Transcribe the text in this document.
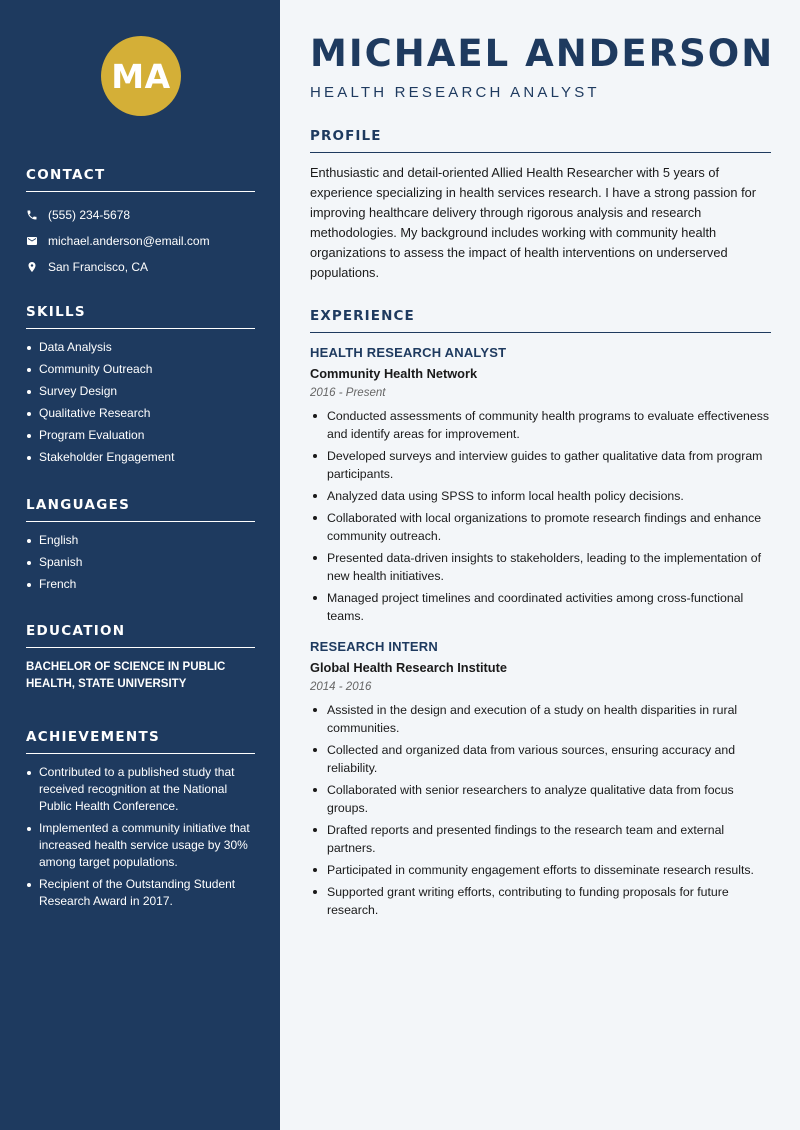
MA
CONTACT
(555) 234-5678
michael.anderson@email.com
San Francisco, CA
SKILLS
Data Analysis
Community Outreach
Survey Design
Qualitative Research
Program Evaluation
Stakeholder Engagement
LANGUAGES
English
Spanish
French
EDUCATION
BACHELOR OF SCIENCE IN PUBLIC HEALTH, STATE UNIVERSITY
ACHIEVEMENTS
Contributed to a published study that received recognition at the National Public Health Conference.
Implemented a community initiative that increased health service usage by 30% among target populations.
Recipient of the Outstanding Student Research Award in 2017.
MICHAEL ANDERSON
HEALTH RESEARCH ANALYST
PROFILE

Enthusiastic and detail-oriented Allied Health Researcher with 5 years of experience specializing in health services research. I have a strong passion for improving healthcare delivery through rigorous analysis and research methodologies. My background includes working with community health organizations to assess the impact of health interventions on underserved populations.

EXPERIENCE
HEALTH RESEARCH ANALYST
Community Health Network
2016 - Present
Conducted assessments of community health programs to evaluate effectiveness and identify areas for improvement.
Developed surveys and interview guides to gather qualitative data from program participants.
Analyzed data using SPSS to inform local health policy decisions.
Collaborated with local organizations to promote research findings and enhance community outreach.
Presented data-driven insights to stakeholders, leading to the implementation of new health initiatives.
Managed project timelines and coordinated activities among cross-functional teams.
RESEARCH INTERN
Global Health Research Institute
2014 - 2016
Assisted in the design and execution of a study on health disparities in rural communities.
Collected and organized data from various sources, ensuring accuracy and reliability.
Collaborated with senior researchers to analyze qualitative data from focus groups.
Drafted reports and presented findings to the research team and external partners.
Participated in community engagement efforts to disseminate research results.
Supported grant writing efforts, contributing to funding proposals for future research.
